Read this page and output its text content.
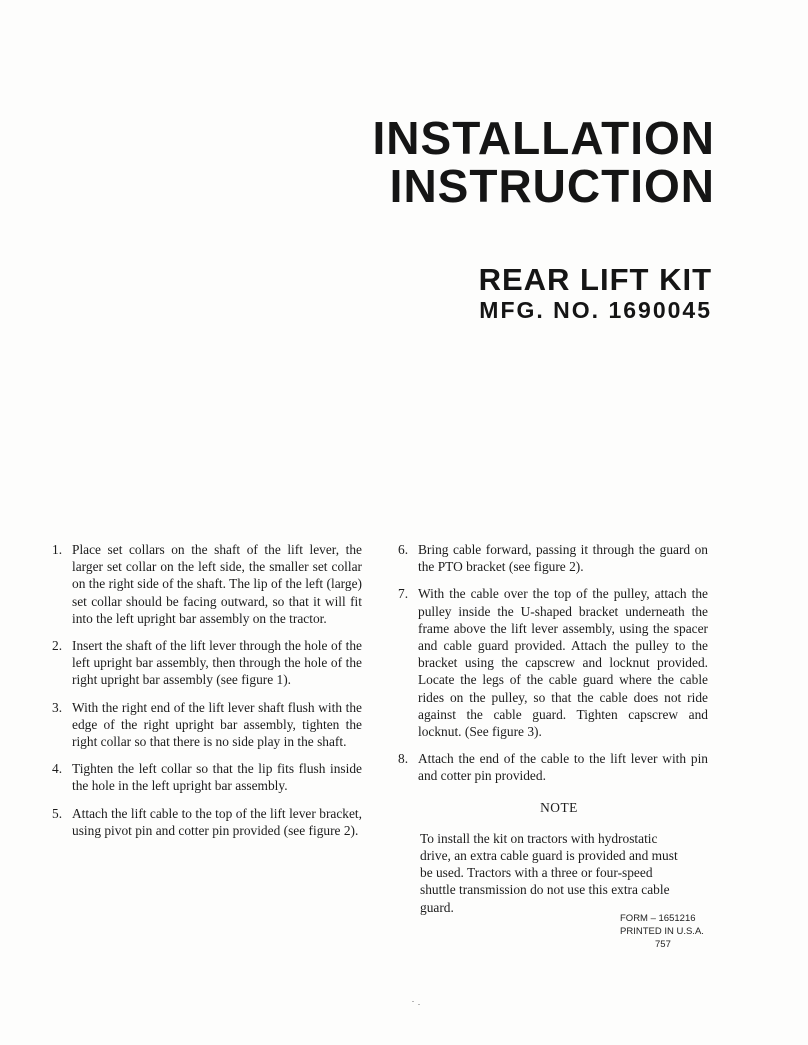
INSTALLATION
INSTRUCTION
REAR LIFT KIT
MFG. NO. 1690045
1. Place set collars on the shaft of the lift lever, the larger set collar on the left side, the smaller set collar on the right side of the shaft. The lip of the left (large) set collar should be facing outward, so that it will fit into the left upright bar assembly on the tractor.
2. Insert the shaft of the lift lever through the hole of the left upright bar assembly, then through the hole of the right upright bar assembly (see figure 1).
3. With the right end of the lift lever shaft flush with the edge of the right upright bar assembly, tighten the right collar so that there is no side play in the shaft.
4. Tighten the left collar so that the lip fits flush inside the hole in the left upright bar assembly.
5. Attach the lift cable to the top of the lift lever bracket, using pivot pin and cotter pin provided (see figure 2).
6. Bring cable forward, passing it through the guard on the PTO bracket (see figure 2).
7. With the cable over the top of the pulley, attach the pulley inside the U-shaped bracket underneath the frame above the lift lever assembly, using the spacer and cable guard provided. Attach the pulley to the bracket using the capscrew and locknut provided. Locate the legs of the cable guard where the cable rides on the pulley, so that the cable does not ride against the cable guard. Tighten capscrew and locknut. (See figure 3).
8. Attach the end of the cable to the lift lever with pin and cotter pin provided.
NOTE

To install the kit on tractors with hydrostatic drive, an extra cable guard is provided and must be used. Tractors with a three or four-speed shuttle transmission do not use this extra cable guard.

FORM – 1651216
PRINTED IN U.S.A.
757
